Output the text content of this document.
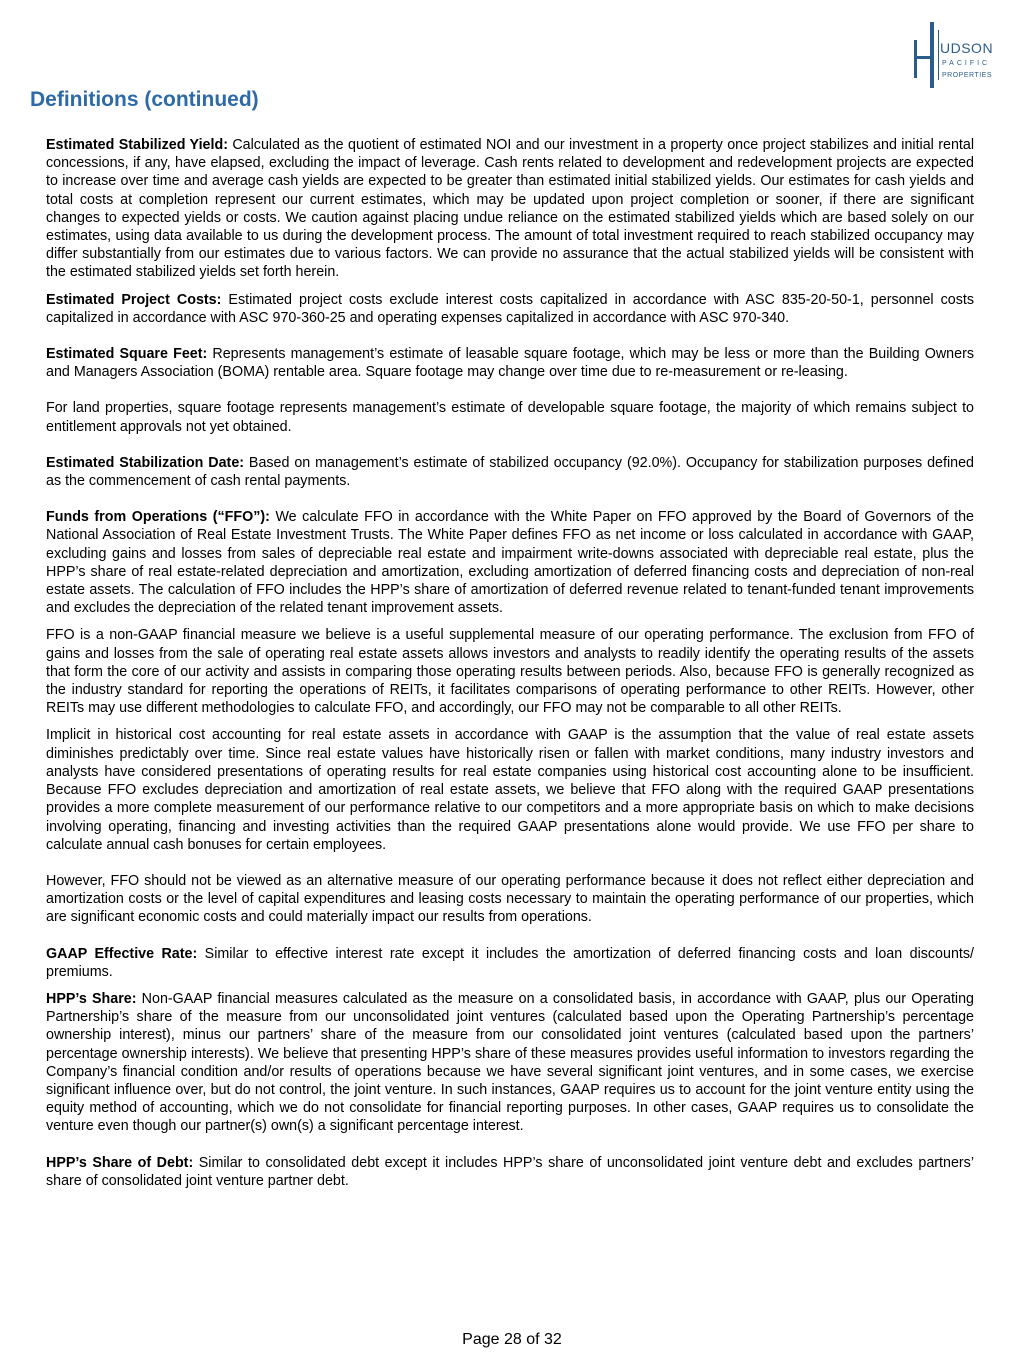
H
UDSON
PACIFIC
PROPERTIES
Definitions (continued)

Estimated Stabilized Yield: Calculated as the quotient of estimated NOI and our investment in a property once project stabilizes and initial rental concessions, if any, have elapsed, excluding the impact of leverage. Cash rents related to development and redevelopment projects are expected to increase over time and average cash yields are expected to be greater than estimated initial stabilized yields. Our estimates for cash yields and total costs at completion represent our current estimates, which may be updated upon project completion or sooner, if there are significant changes to expected yields or costs. We caution against placing undue reliance on the estimated stabilized yields which are based solely on our estimates, using data available to us during the development process. The amount of total investment required to reach stabilized occupancy may differ substantially from our estimates due to various factors. We can provide no assurance that the actual stabilized yields will be consistent with the estimated stabilized yields set forth herein.

Estimated Project Costs: Estimated project costs exclude interest costs capitalized in accordance with ASC 835-20-50-1, personnel costs capitalized in accordance with ASC 970-360-25 and operating expenses capitalized in accordance with ASC 970-340.

Estimated Square Feet: Represents management’s estimate of leasable square footage, which may be less or more than the Building Owners and Managers Association (BOMA) rentable area. Square footage may change over time due to re-measurement or re-leasing.

For land properties, square footage represents management’s estimate of developable square footage, the majority of which remains subject to entitlement approvals not yet obtained.

Estimated Stabilization Date: Based on management’s estimate of stabilized occupancy (92.0%). Occupancy for stabilization purposes defined as the commencement of cash rental payments.

Funds from Operations (“FFO”): We calculate FFO in accordance with the White Paper on FFO approved by the Board of Governors of the National Association of Real Estate Investment Trusts. The White Paper defines FFO as net income or loss calculated in accordance with GAAP, excluding gains and losses from sales of depreciable real estate and impairment write-downs associated with depreciable real estate, plus the HPP’s share of real estate-related depreciation and amortization, excluding amortization of deferred financing costs and depreciation of non-real estate assets. The calculation of FFO includes the HPP’s share of amortization of deferred revenue related to tenant-funded tenant improvements and excludes the depreciation of the related tenant improvement assets.

FFO is a non-GAAP financial measure we believe is a useful supplemental measure of our operating performance. The exclusion from FFO of gains and losses from the sale of operating real estate assets allows investors and analysts to readily identify the operating results of the assets that form the core of our activity and assists in comparing those operating results between periods. Also, because FFO is generally recognized as the industry standard for reporting the operations of REITs, it facilitates comparisons of operating performance to other REITs. However, other REITs may use different methodologies to calculate FFO, and accordingly, our FFO may not be comparable to all other REITs.

Implicit in historical cost accounting for real estate assets in accordance with GAAP is the assumption that the value of real estate assets diminishes predictably over time. Since real estate values have historically risen or fallen with market conditions, many industry investors and analysts have considered presentations of operating results for real estate companies using historical cost accounting alone to be insufficient. Because FFO excludes depreciation and amortization of real estate assets, we believe that FFO along with the required GAAP presentations provides a more complete measurement of our performance relative to our competitors and a more appropriate basis on which to make decisions involving operating, financing and investing activities than the required GAAP presentations alone would provide. We use FFO per share to calculate annual cash bonuses for certain employees.

However, FFO should not be viewed as an alternative measure of our operating performance because it does not reflect either depreciation and amortization costs or the level of capital expenditures and leasing costs necessary to maintain the operating performance of our properties, which are significant economic costs and could materially impact our results from operations.

GAAP Effective Rate: Similar to effective interest rate except it includes the amortization of deferred financing costs and loan discounts/ premiums.

HPP’s Share: Non-GAAP financial measures calculated as the measure on a consolidated basis, in accordance with GAAP, plus our Operating Partnership’s share of the measure from our unconsolidated joint ventures (calculated based upon the Operating Partnership’s percentage ownership interest), minus our partners’ share of the measure from our consolidated joint ventures (calculated based upon the partners’ percentage ownership interests). We believe that presenting HPP’s share of these measures provides useful information to investors regarding the Company’s financial condition and/or results of operations because we have several significant joint ventures, and in some cases, we exercise significant influence over, but do not control, the joint venture. In such instances, GAAP requires us to account for the joint venture entity using the equity method of accounting, which we do not consolidate for financial reporting purposes. In other cases, GAAP requires us to consolidate the venture even though our partner(s) own(s) a significant percentage interest.

HPP’s Share of Debt: Similar to consolidated debt except it includes HPP’s share of unconsolidated joint venture debt and excludes partners’ share of consolidated joint venture partner debt.

Page 28 of 32
